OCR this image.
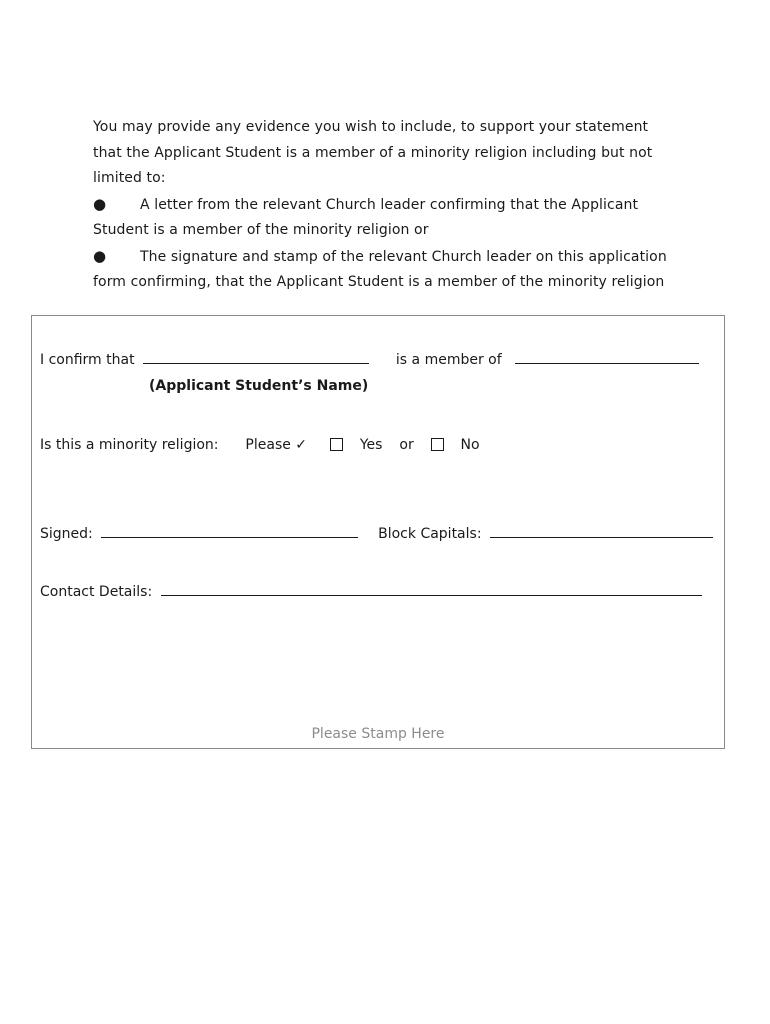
You may provide any evidence you wish to include, to support your statement

that the Applicant Student is a member of a minority religion including but not

limited to:

● A letter from the relevant Church leader confirming that the Applicant

Student is a member of the minority religion or

● The signature and stamp of the relevant Church leader on this application

form confirming, that the Applicant Student is a member of the minority religion

I confirm that	is a member of
(Applicant Student’s Name)
Is this a minority religion: Please ✓	Yes or	No
Signed:	Block Capitals:
Contact Details:
Please Stamp Here
